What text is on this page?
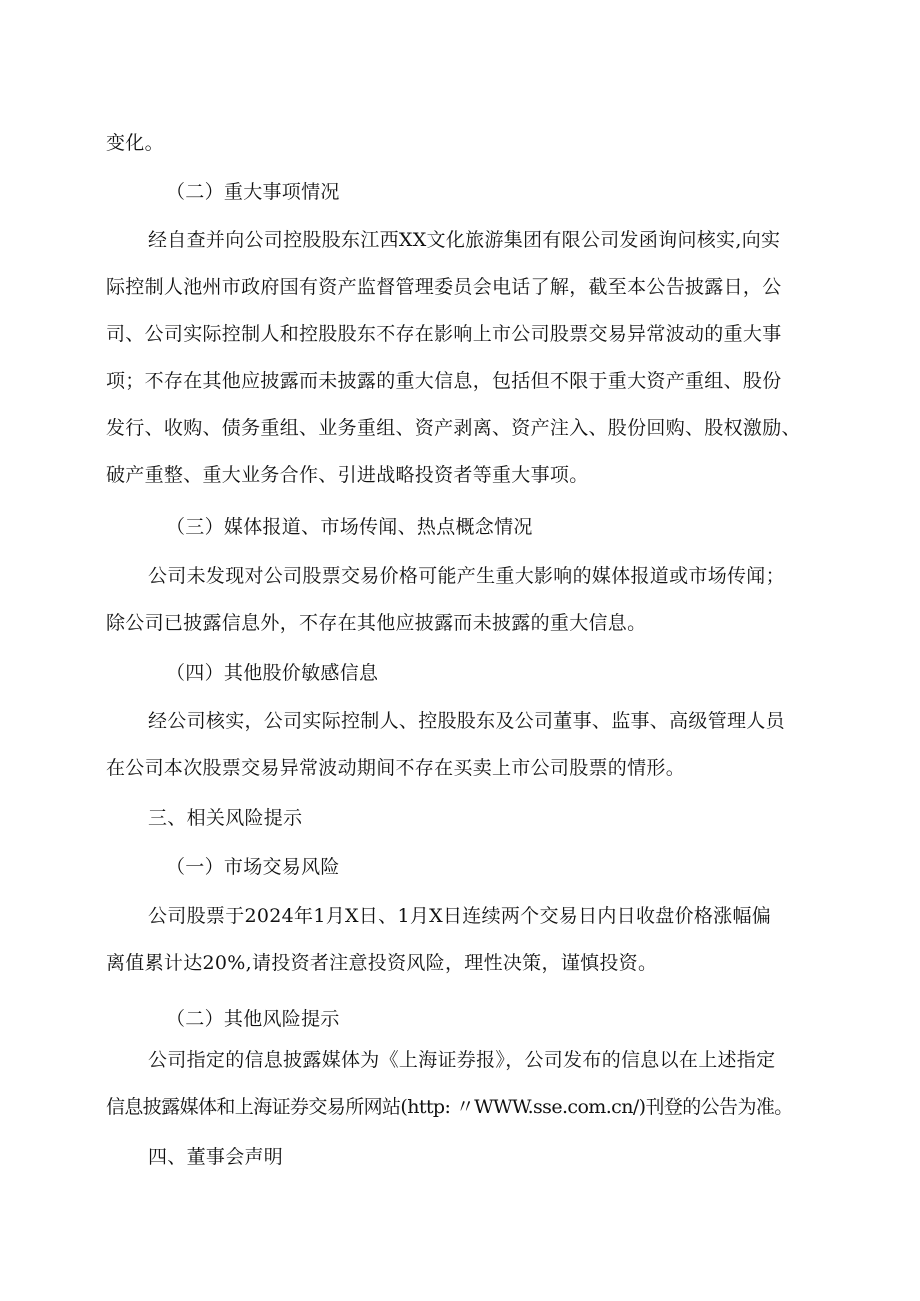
变化。

（二）重大事项情况

经自查并向公司控股股东江西XX文化旅游集团有限公司发函询问核实,向实
际控制人池州市政府国有资产监督管理委员会电话了解，截至本公告披露日，公
司、公司实际控制人和控股股东不存在影响上市公司股票交易异常波动的重大事
项；不存在其他应披露而未披露的重大信息，包括但不限于重大资产重组、股份
发行、收购、债务重组、业务重组、资产剥离、资产注入、股份回购、股权激励、
破产重整、重大业务合作、引进战略投资者等重大事项。

（三）媒体报道、市场传闻、热点概念情况

公司未发现对公司股票交易价格可能产生重大影响的媒体报道或市场传闻；
除公司已披露信息外，不存在其他应披露而未披露的重大信息。

（四）其他股价敏感信息

经公司核实，公司实际控制人、控股股东及公司董事、监事、高级管理人员
在公司本次股票交易异常波动期间不存在买卖上市公司股票的情形。

三、相关风险提示

（一）市场交易风险

公司股票于2024年1月X日、1月X日连续两个交易日内日收盘价格涨幅偏
离值累计达20%,请投资者注意投资风险，理性决策，谨慎投资。

（二）其他风险提示

公司指定的信息披露媒体为《上海证券报》，公司发布的信息以在上述指定
信息披露媒体和上海证券交易所网站(http: 〃WWW.sse.com.cn/)刊登的公告为准。

四、董事会声明
